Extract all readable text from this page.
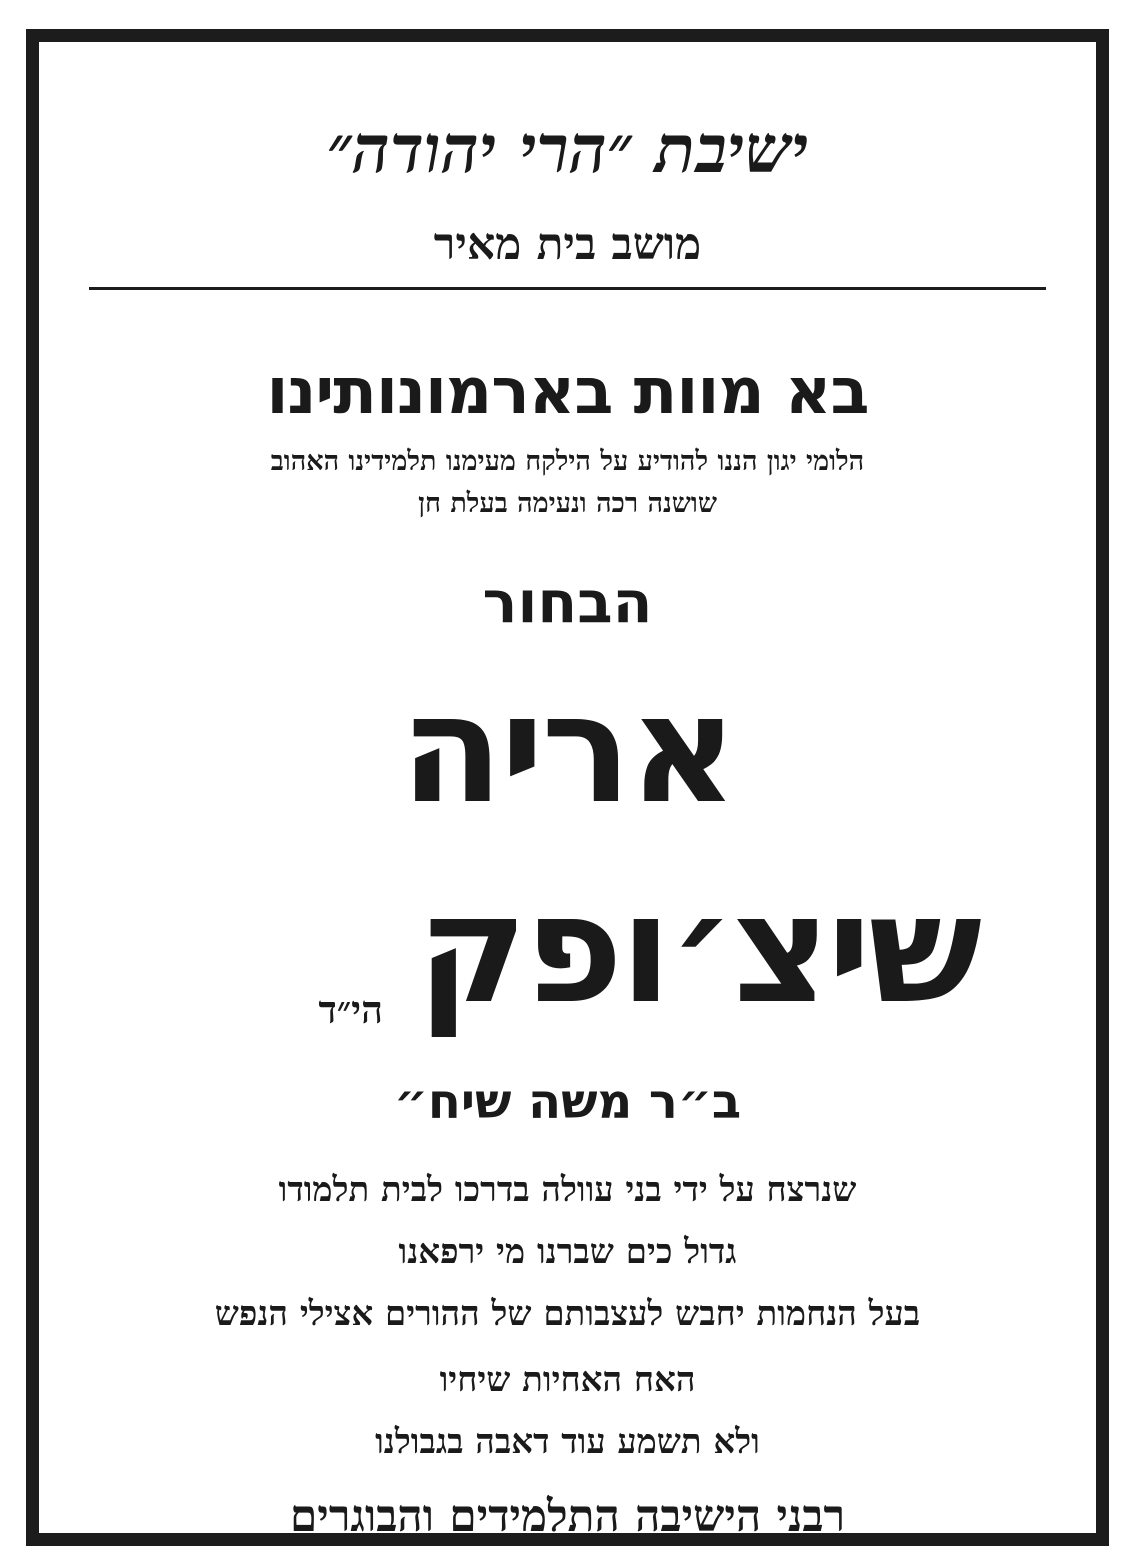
ישיבת ״הרי יהודה״
מושב בית מאיר
בא מוות בארמונותינו
הלומי יגון הננו להודיע על הילקח מעימנו תלמידינו האהוב
שושנה רכה ונעימה בעלת חן
הבחור
אריה
שיצ׳ופקהי״ד
ב״ר משה שיח״
שנרצח על ידי בני עוולה בדרכו לבית תלמודו
גדול כים שברנו מי ירפאנו
בעל הנחמות יחבש לעצבותם של ההורים אצילי הנפש
האח האחיות שיחיו
ולא תשמע עוד דאבה בגבולנו
רבני הישיבה התלמידים והבוגרים
